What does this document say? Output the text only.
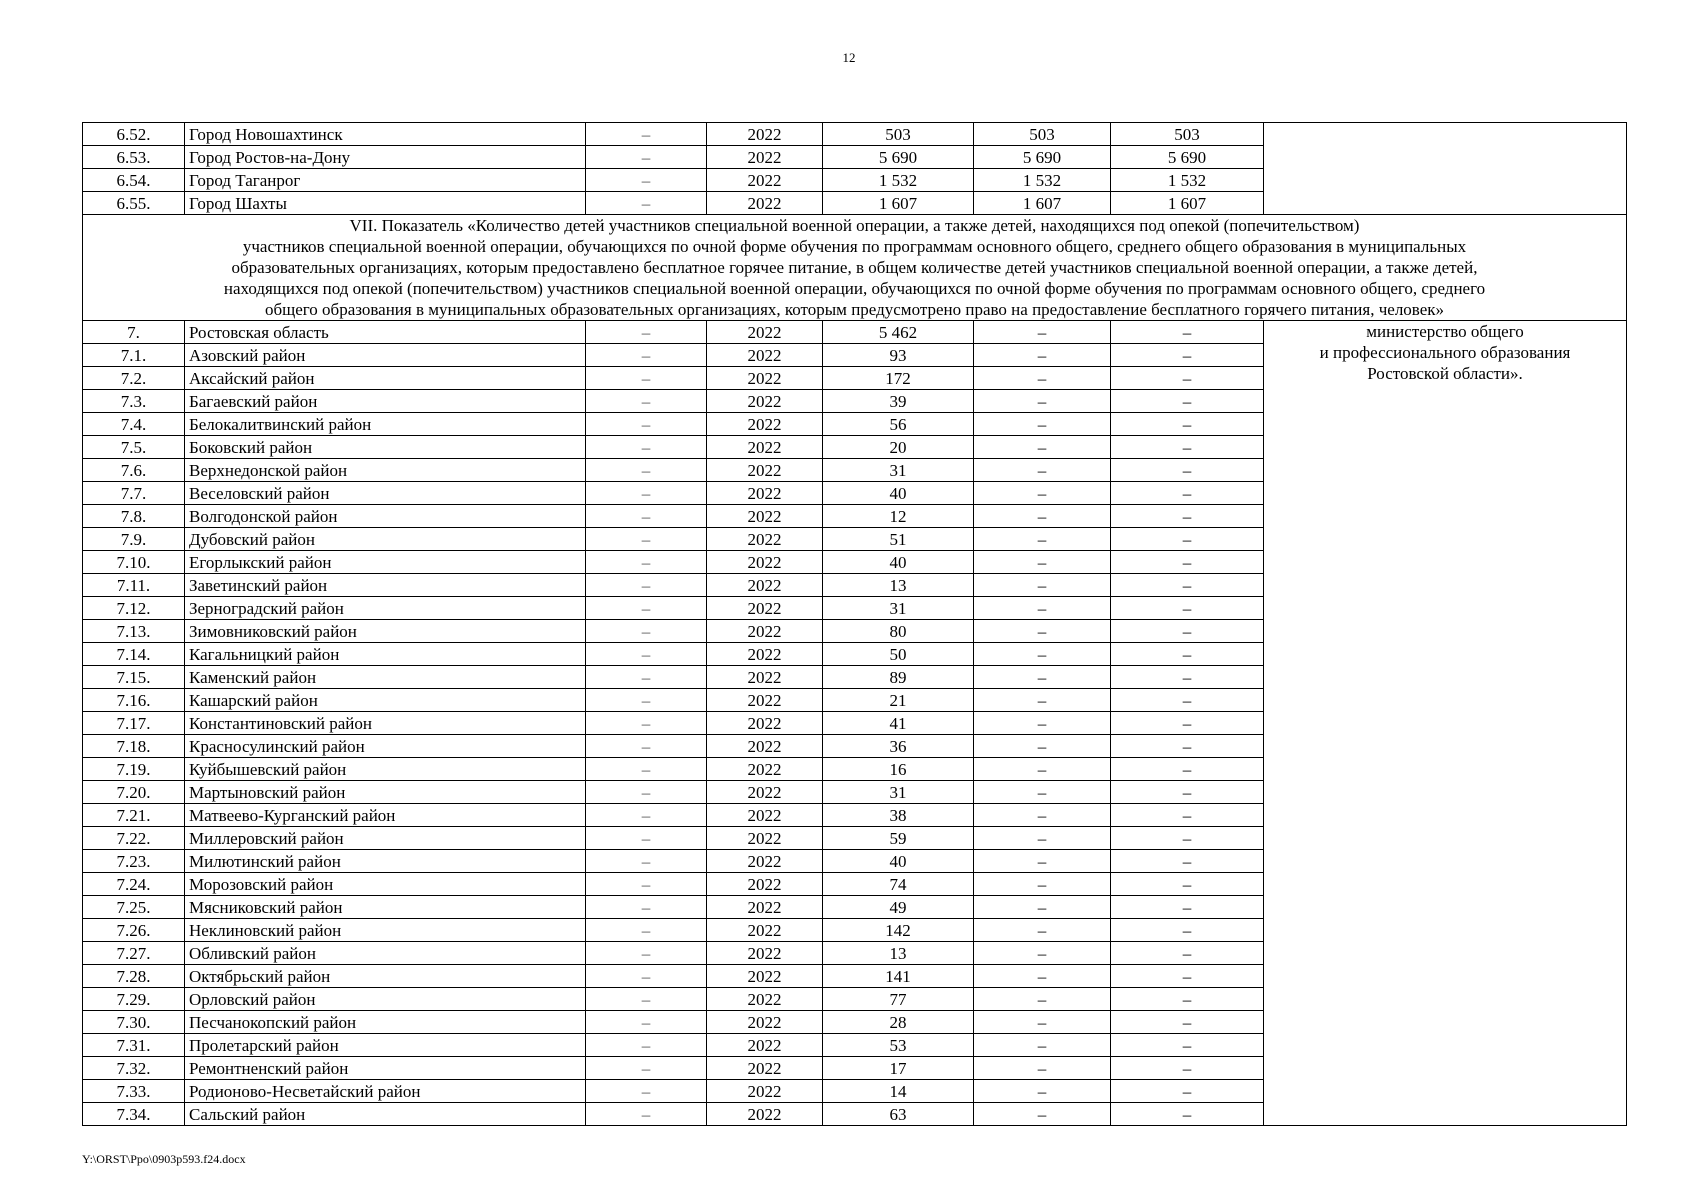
12
6.52.	Город Новошахтинск	–	2022	503	503	503	
6.53.	Город Ростов-на-Дону	–	2022	5 690	5 690	5 690	
6.54.	Город Таганрог	–	2022	1 532	1 532	1 532	
6.55.	Город Шахты	–	2022	1 607	1 607	1 607	

VII. Показатель «Количество детей участников специальной военной операции, а также детей, находящихся под опекой (попечительством)
участников специальной военной операции, обучающихся по очной форме обучения по программам основного общего, среднего общего образования в муниципальных
образовательных организациях, которым предоставлено бесплатное горячее питание, в общем количестве детей участников специальной военной операции, а также детей,
находящихся под опекой (попечительством) участников специальной военной операции, обучающихся по очной форме обучения по программам основного общего, среднего
общего образования в муниципальных образовательных организациях, которым предусмотрено право на предоставление бесплатного горячего питания, человек»							

7.	Ростовская область	–	2022	5 462	–	–	министерство общего
и профессионального образования
Ростовской области».

7.1.	Азовский район	–	2022	93	–	–	
7.2.	Аксайский район	–	2022	172	–	–	
7.3.	Багаевский район	–	2022	39	–	–	
7.4.	Белокалитвинский район	–	2022	56	–	–	
7.5.	Боковский район	–	2022	20	–	–	
7.6.	Верхнедонской район	–	2022	31	–	–	
7.7.	Веселовский район	–	2022	40	–	–	
7.8.	Волгодонской район	–	2022	12	–	–	
7.9.	Дубовский район	–	2022	51	–	–	
7.10.	Егорлыкский район	–	2022	40	–	–	
7.11.	Заветинский район	–	2022	13	–	–	
7.12.	Зерноградский район	–	2022	31	–	–	
7.13.	Зимовниковский район	–	2022	80	–	–	
7.14.	Кагальницкий район	–	2022	50	–	–	
7.15.	Каменский район	–	2022	89	–	–	
7.16.	Кашарский район	–	2022	21	–	–	
7.17.	Константиновский район	–	2022	41	–	–	
7.18.	Красносулинский район	–	2022	36	–	–	
7.19.	Куйбышевский район	–	2022	16	–	–	
7.20.	Мартыновский район	–	2022	31	–	–	
7.21.	Матвеево-Курганский район	–	2022	38	–	–	
7.22.	Миллеровский район	–	2022	59	–	–	
7.23.	Милютинский район	–	2022	40	–	–	
7.24.	Морозовский район	–	2022	74	–	–	
7.25.	Мясниковский район	–	2022	49	–	–	
7.26.	Неклиновский район	–	2022	142	–	–	
7.27.	Обливский район	–	2022	13	–	–	
7.28.	Октябрьский район	–	2022	141	–	–	
7.29.	Орловский район	–	2022	77	–	–	
7.30.	Песчанокопский район	–	2022	28	–	–	
7.31.	Пролетарский район	–	2022	53	–	–	
7.32.	Ремонтненский район	–	2022	17	–	–	
7.33.	Родионово-Несветайский район	–	2022	14	–	–	
7.34.	Сальский район	–	2022	63	–	–	
Y:\ORST\Ppo\0903p593.f24.docx
